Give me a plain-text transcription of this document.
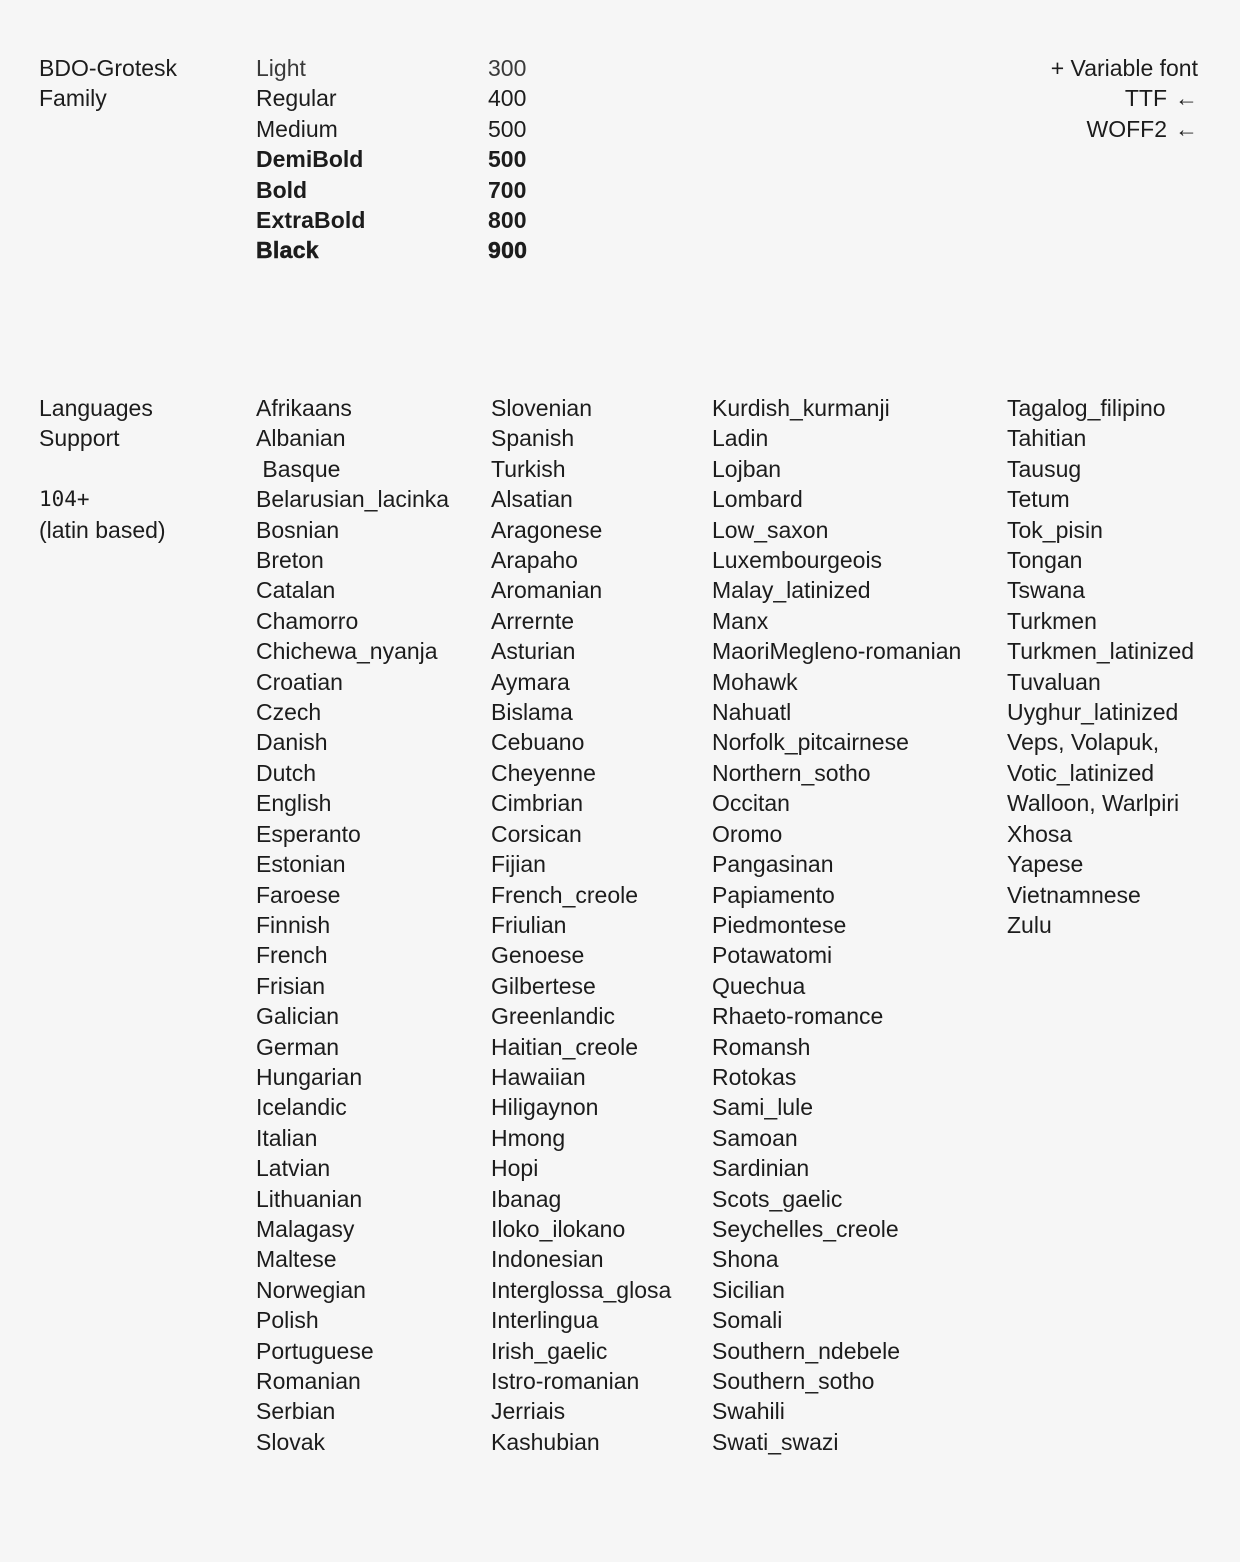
BDO-Grotesk
Family
Light
Regular
Medium
DemiBold
Bold
ExtraBold
Black
300
400
500
500
700
800
900
+ Variable font
TTF ←
WOFF2 ←
Languages
Support
104+
(latin based)
Afrikaans
Albanian
Basque
Belarusian_lacinka
Bosnian
Breton
Catalan
Chamorro
Chichewa_nyanja
Croatian
Czech
Danish
Dutch
English
Esperanto
Estonian
Faroese
Finnish
French
Frisian
Galician
German
Hungarian
Icelandic
Italian
Latvian
Lithuanian
Malagasy
Maltese
Norwegian
Polish
Portuguese
Romanian
Serbian
Slovak
Slovenian
Spanish
Turkish
Alsatian
Aragonese
Arapaho
Aromanian
Arrernte
Asturian
Aymara
Bislama
Cebuano
Cheyenne
Cimbrian
Corsican
Fijian
French_creole
Friulian
Genoese
Gilbertese
Greenlandic
Haitian_creole
Hawaiian
Hiligaynon
Hmong
Hopi
Ibanag
Iloko_ilokano
Indonesian
Interglossa_glosa
Interlingua
Irish_gaelic
Istro-romanian
Jerriais
Kashubian
Kurdish_kurmanji
Ladin
Lojban
Lombard
Low_saxon
Luxembourgeois
Malay_latinized
Manx
MaoriMegleno-romanian
Mohawk
Nahuatl
Norfolk_pitcairnese
Northern_sotho
Occitan
Oromo
Pangasinan
Papiamento
Piedmontese
Potawatomi
Quechua
Rhaeto-romance
Romansh
Rotokas
Sami_lule
Samoan
Sardinian
Scots_gaelic
Seychelles_creole
Shona
Sicilian
Somali
Southern_ndebele
Southern_sotho
Swahili
Swati_swazi
Tagalog_filipino
Tahitian
Tausug
Tetum
Tok_pisin
Tongan
Tswana
Turkmen
Turkmen_latinized
Tuvaluan
Uyghur_latinized
Veps, Volapuk,
Votic_latinized
Walloon, Warlpiri
Xhosa
Yapese
Vietnamnese
Zulu
